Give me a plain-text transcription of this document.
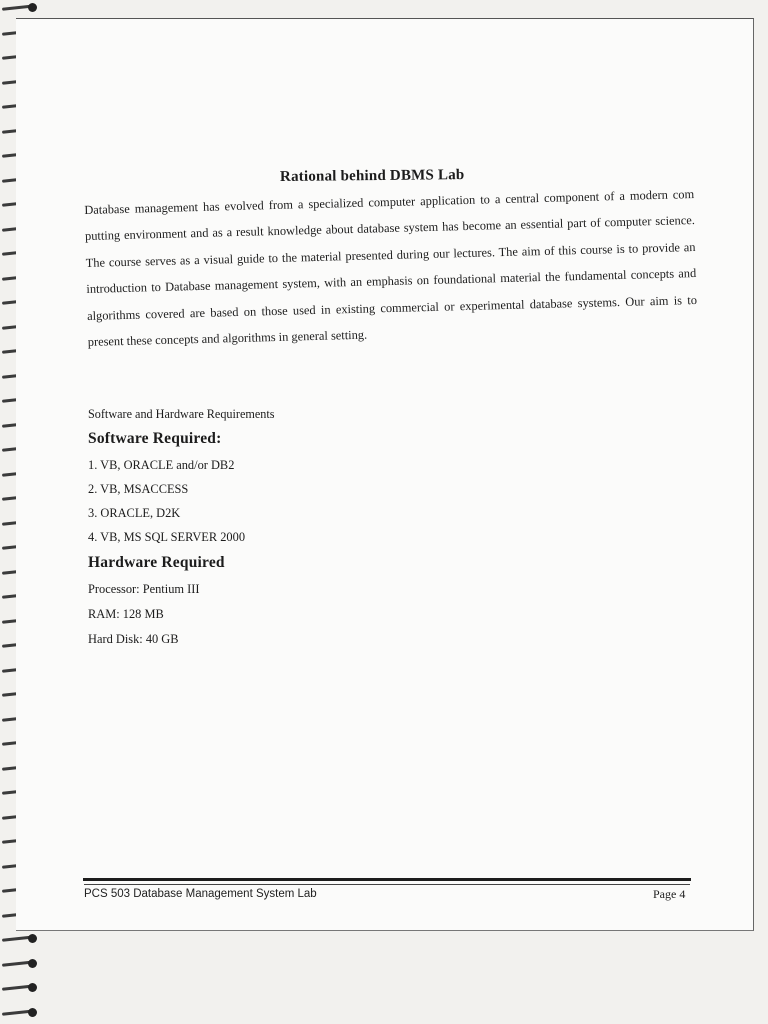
Rational behind DBMS Lab
Database management has evolved from a specialized computer application to a central component of a modern com putting environment and as a result knowledge about database system has become an essential part of computer science. The course serves as a visual guide to the material presented during our lectures. The aim of this course is to provide an introduction to Database management system, with an emphasis on foundational material the fundamental concepts and algorithms covered are based on those used in existing commercial or experimental database systems. Our aim is to present these concepts and algorithms in general setting.
Software and Hardware Requirements
Software Required:
1. VB, ORACLE and/or DB2
2. VB, MSACCESS
3. ORACLE, D2K
4. VB, MS SQL SERVER 2000
Hardware Required
Processor: Pentium III
RAM: 128 MB
Hard Disk: 40 GB
PCS 503 Database Management System Lab	Page 4
